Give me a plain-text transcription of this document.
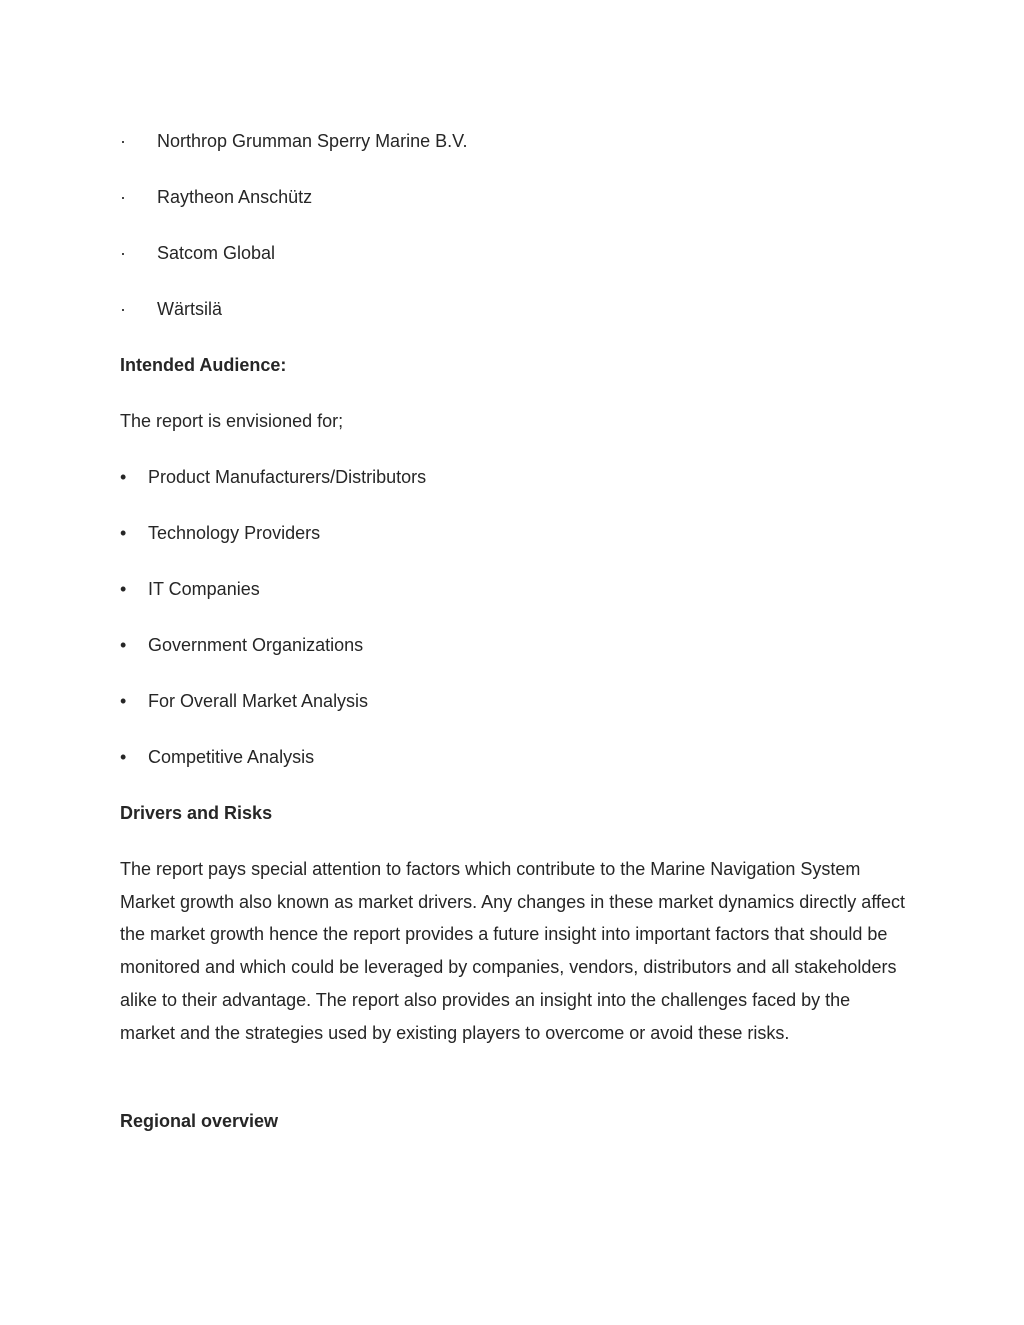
· Northrop Grumman Sperry Marine B.V.
· Raytheon Anschütz
· Satcom Global
· Wärtsilä
Intended Audience:
The report is envisioned for;
• Product Manufacturers/Distributors
• Technology Providers
• IT Companies
• Government Organizations
• For Overall Market Analysis
• Competitive Analysis
Drivers and Risks
The report pays special attention to factors which contribute to the Marine Navigation System Market growth also known as market drivers. Any changes in these market dynamics directly affect the market growth hence the report provides a future insight into important factors that should be monitored and which could be leveraged by companies, vendors, distributors and all stakeholders alike to their advantage. The report also provides an insight into the challenges faced by the market and the strategies used by existing players to overcome or avoid these risks.
Regional overview
